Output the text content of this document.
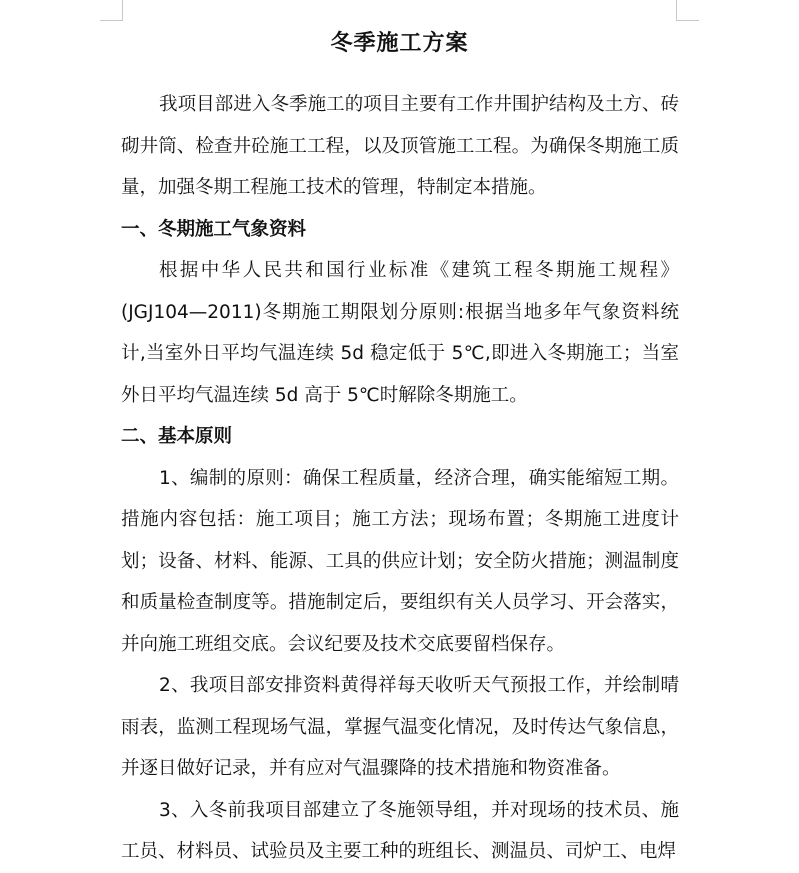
冬季施工方案

我项目部进入冬季施工的项目主要有工作井围护结构及土方、砖砌井筒、检查井砼施工工程，以及顶管施工工程。为确保冬期施工质量，加强冬期工程施工技术的管理，特制定本措施。

一、冬期施工气象资料

根据中华人民共和国行业标准《建筑工程冬期施工规程》(JGJ104—2011)冬期施工期限划分原则:根据当地多年气象资料统计,当室外日平均气温连续 5d 稳定低于 5℃,即进入冬期施工；当室外日平均气温连续 5d 高于 5℃时解除冬期施工。

二、基本原则

1、编制的原则：确保工程质量，经济合理，确实能缩短工期。措施内容包括：施工项目；施工方法；现场布置；冬期施工进度计划；设备、材料、能源、工具的供应计划；安全防火措施；测温制度和质量检查制度等。措施制定后，要组织有关人员学习、开会落实，并向施工班组交底。会议纪要及技术交底要留档保存。

2、我项目部安排资料黄得祥每天收听天气预报工作，并绘制晴雨表，监测工程现场气温，掌握气温变化情况，及时传达气象信息，并逐日做好记录，并有应对气温骤降的技术措施和物资准备。

3、入冬前我项目部建立了冬施领导组，并对现场的技术员、施工员、材料员、试验员及主要工种的班组长、测温员、司炉工、电焊
